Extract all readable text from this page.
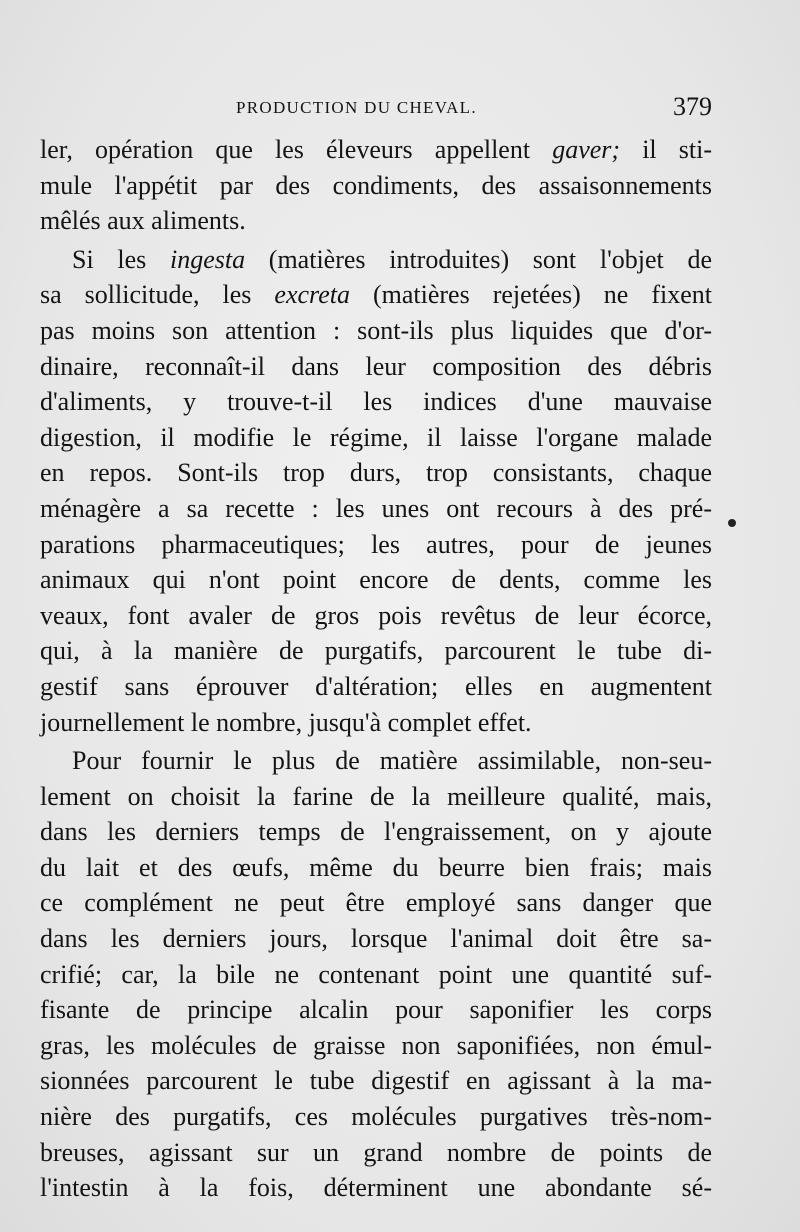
PRODUCTION DU CHEVAL.	379
ler, opération que les éleveurs appellent gaver; il sti-
mule l'appétit par des condiments, des assaisonnements
mêlés aux aliments.
Si les ingesta (matières introduites) sont l'objet de
sa sollicitude, les excreta (matières rejetées) ne fixent
pas moins son attention : sont-ils plus liquides que d'or-
dinaire, reconnaît-il dans leur composition des débris
d'aliments, y trouve-t-il les indices d'une mauvaise
digestion, il modifie le régime, il laisse l'organe malade
en repos. Sont-ils trop durs, trop consistants, chaque
ménagère a sa recette : les unes ont recours à des pré-
parations pharmaceutiques; les autres, pour de jeunes
animaux qui n'ont point encore de dents, comme les
veaux, font avaler de gros pois revêtus de leur écorce,
qui, à la manière de purgatifs, parcourent le tube di-
gestif sans éprouver d'altération; elles en augmentent
journellement le nombre, jusqu'à complet effet.
Pour fournir le plus de matière assimilable, non-seu-
lement on choisit la farine de la meilleure qualité, mais,
dans les derniers temps de l'engraissement, on y ajoute
du lait et des œufs, même du beurre bien frais; mais
ce complément ne peut être employé sans danger que
dans les derniers jours, lorsque l'animal doit être sa-
crifié; car, la bile ne contenant point une quantité suf-
fisante de principe alcalin pour saponifier les corps
gras, les molécules de graisse non saponifiées, non émul-
sionnées parcourent le tube digestif en agissant à la ma-
nière des purgatifs, ces molécules purgatives très-nom-
breuses, agissant sur un grand nombre de points de
l'intestin à la fois, déterminent une abondante sé-
